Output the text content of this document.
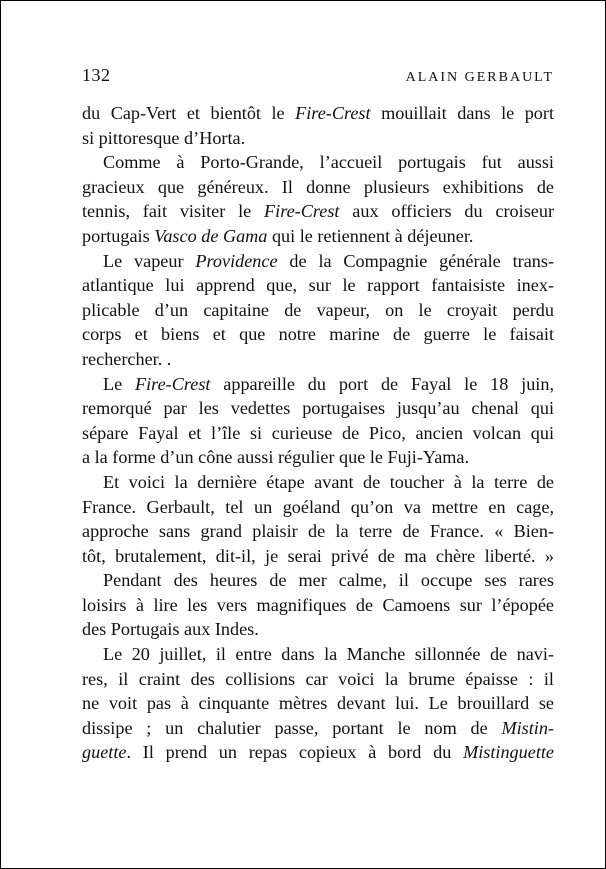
132	ALAIN GERBAULT
du Cap-Vert et bientôt le Fire-Crest mouillait dans le port
si pittoresque d’Horta.
Comme à Porto-Grande, l’accueil portugais fut aussi
gracieux que généreux. Il donne plusieurs exhibitions de
tennis, fait visiter le Fire-Crest aux officiers du croiseur
portugais Vasco de Gama qui le retiennent à déjeuner.
Le vapeur Providence de la Compagnie générale trans-
atlantique lui apprend que, sur le rapport fantaisiste inex-
plicable d’un capitaine de vapeur, on le croyait perdu
corps et biens et que notre marine de guerre le faisait
rechercher. .
Le Fire-Crest appareille du port de Fayal le 18 juin,
remorqué par les vedettes portugaises jusqu’au chenal qui
sépare Fayal et l’île si curieuse de Pico, ancien volcan qui
a la forme d’un cône aussi régulier que le Fuji-Yama.
Et voici la dernière étape avant de toucher à la terre de
France. Gerbault, tel un goéland qu’on va mettre en cage,
approche sans grand plaisir de la terre de France. « Bien-
tôt, brutalement, dit-il, je serai privé de ma chère liberté. »
Pendant des heures de mer calme, il occupe ses rares
loisirs à lire les vers magnifiques de Camoens sur l’épopée
des Portugais aux Indes.
Le 20 juillet, il entre dans la Manche sillonnée de navi-
res, il craint des collisions car voici la brume épaisse : il
ne voit pas à cinquante mètres devant lui. Le brouillard se
dissipe ; un chalutier passe, portant le nom de Mistin-
guette. Il prend un repas copieux à bord du Mistinguette
